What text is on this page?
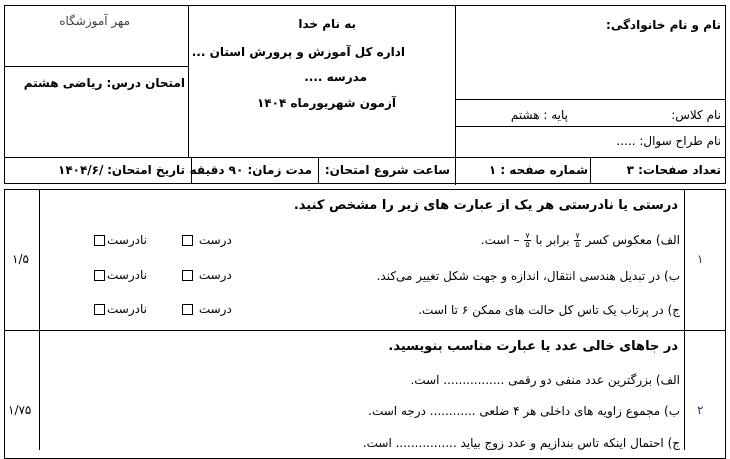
مهر آموزشگاه	به نام خدا
اداره کل آموزش و پرورش استان ...
مدرسه ....
آزمون شهریورماه ۱۴۰۴
نام و نام خانوادگی:
امتحان درس: ریاضی هشتم
نام کلاس:
پایه : هشتم
نام طراح سوال: .....
تعداد صفحات: ۳
شماره صفحه : ۱
ساعت شروع امتحان:
مدت زمان: ۹۰ دقیقه
تاریخ امتحان:
۱۴۰۴/۶/
۱
۱/۵
درستی یا نادرستی هر یک از عبارت های زیر را مشخص کنید.
الف) معکوس کسر
$\frac{۷}{۵}$
برابر با
$\frac{۷}{۵}$
– است.
ب) در تبدیل هندسی انتقال، اندازه و جهت شکل تغییر می‌کند.
ج) در پرتاب یک تاس کل حالت های ممکن ۶ تا است.
درست
نادرست
درست
نادرست
درست
نادرست
۲
۱/۷۵
در جاهای خالی عدد یا عبارت مناسب بنویسید.
الف) بزرگترین عدد منفی دو رقمی ................ است.
ب) مجموع زاویه های داخلی هر ۴ ضلعی ............ درجه است.
ج) احتمال اینکه تاس بندازیم و عدد زوج بیاید ................ است.
